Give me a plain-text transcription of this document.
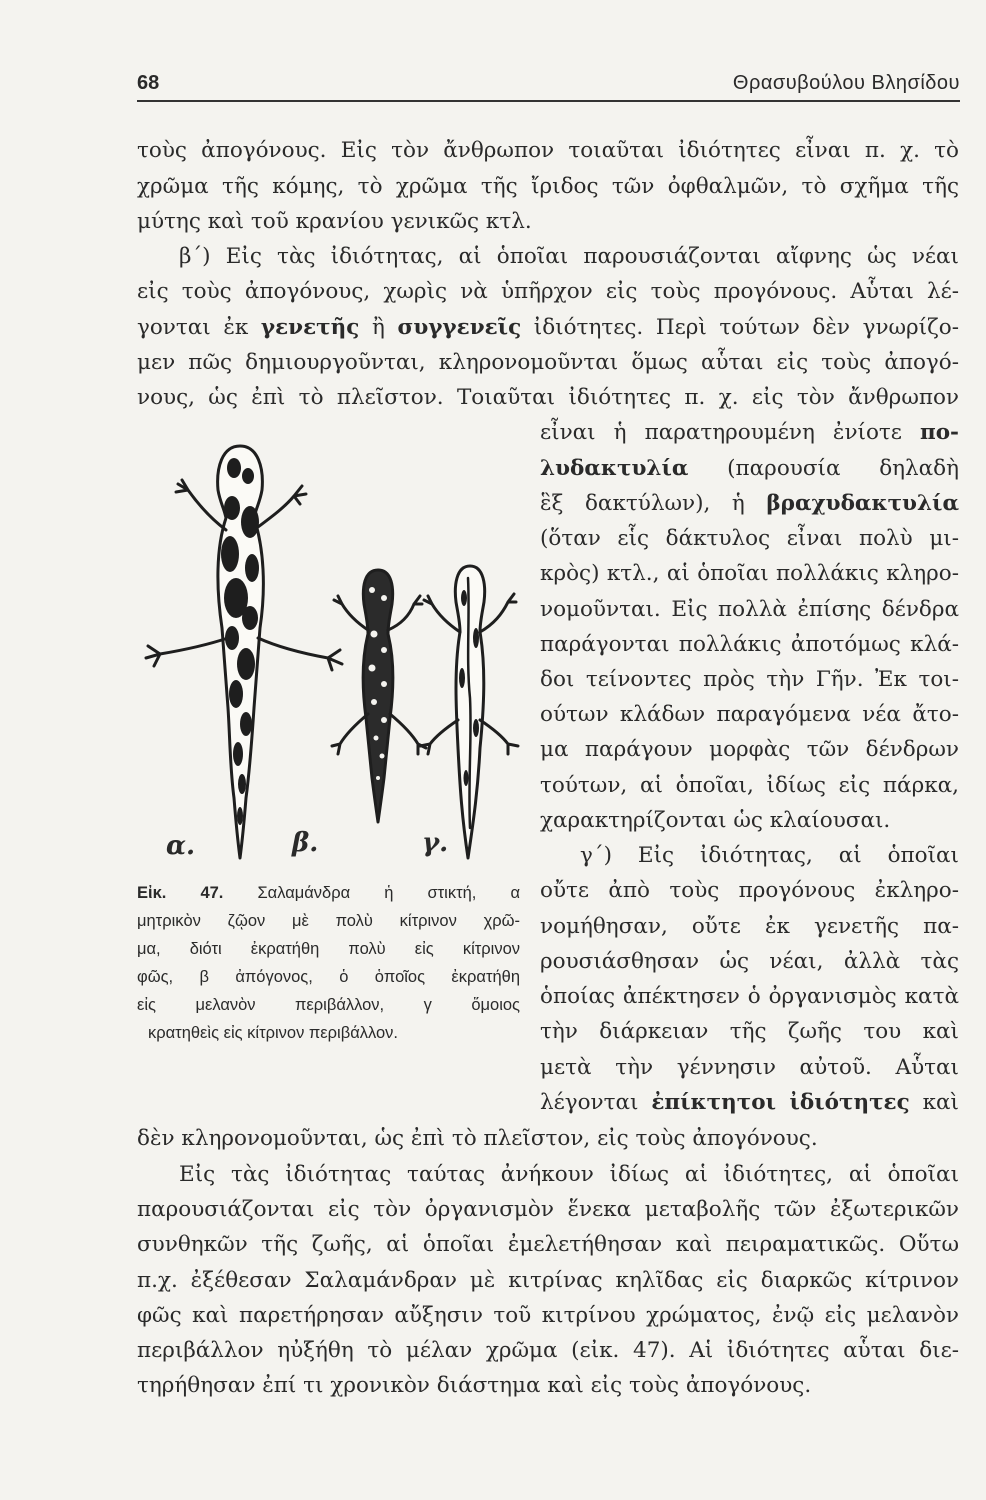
68	Θρασυβούλου Βλησίδου
τοὺς ἀπογόνους. Εἰς τὸν ἄνθρωπον τοιαῦται ἰδιότητες εἶναι π. χ. τὸ
χρῶμα τῆς κόμης, τὸ χρῶμα τῆς ἴριδος τῶν ὀφθαλμῶν, τὸ σχῆμα τῆς
μύτης καὶ τοῦ κρανίου γενικῶς κτλ.
β΄) Εἰς τὰς ἰδιότητας, αἱ ὁποῖαι παρουσιάζονται αἴφνης ὡς νέαι
εἰς τοὺς ἀπογόνους, χωρὶς νὰ ὑπῆρχον εἰς τοὺς προγόνους. Αὗται λέ-
γονται ἐκ γενετῆς ἢ συγγενεῖς ἰδιότητες. Περὶ τούτων δὲν γνωρίζο-
μεν πῶς δημιουργοῦνται, κληρονομοῦνται ὅμως αὗται εἰς τοὺς ἀπογό-
νους, ὡς ἐπὶ τὸ πλεῖστον. Τοιαῦται ἰδιότητες π. χ. εἰς τὸν ἄνθρωπον
εἶναι ἡ παρατηρουμένη ἐνίοτε πο-
λυδακτυλία (παρουσία δηλαδὴ
ἓξ δακτύλων), ἡ βραχυδακτυλία
(ὅταν εἷς δάκτυλος εἶναι πολὺ μι-
κρὸς) κτλ., αἱ ὁποῖαι πολλάκις κληρο-
νομοῦνται. Εἰς πολλὰ ἐπίσης δένδρα
παράγονται πολλάκις ἀποτόμως κλά-
δοι τείνοντες πρὸς τὴν Γῆν. Ἐκ τοι-
ούτων κλάδων παραγόμενα νέα ἄτο-
μα παράγουν μορφὰς τῶν δένδρων
τούτων, αἱ ὁποῖαι, ἰδίως εἰς πάρκα,
χαρακτηρίζονται ὡς κλαίουσαι.
γ΄) Εἰς ἰδιότητας, αἱ ὁποῖαι
οὔτε ἀπὸ τοὺς προγόνους ἐκληρο-
νομήθησαν, οὔτε ἐκ γενετῆς πα-
ρουσιάσθησαν ὡς νέαι, ἀλλὰ τὰς
ὁποίας ἀπέκτησεν ὁ ὀργανισμὸς κατὰ
τὴν διάρκειαν τῆς ζωῆς του καὶ
μετὰ τὴν γέννησιν αὐτοῦ. Αὗται
λέγονται ἐπίκτητοι ἰδιότητες καὶ
α.	β.	γ.
Εἰκ. 47. Σαλαμάνδρα ἡ στικτή, α
μητρικὸν ζῷον μὲ πολὺ κίτρινον χρῶ-
μα, διότι ἐκρατήθη πολὺ εἰς κίτρινον
φῶς, β ἀπόγονος, ὁ ὁποῖος ἐκρατήθη
εἰς μελανὸν περιβάλλον, γ ὅμοιος
κρατηθεὶς εἰς κίτρινον περιβάλλον.
δὲν κληρονομοῦνται, ὡς ἐπὶ τὸ πλεῖστον, εἰς τοὺς ἀπογόνους.
Εἰς τὰς ἰδιότητας ταύτας ἀνήκουν ἰδίως αἱ ἰδιότητες, αἱ ὁποῖαι
παρουσιάζονται εἰς τὸν ὀργανισμὸν ἕνεκα μεταβολῆς τῶν ἐξωτερικῶν
συνθηκῶν τῆς ζωῆς, αἱ ὁποῖαι ἐμελετήθησαν καὶ πειραματικῶς. Οὕτω
π.χ. ἐξέθεσαν Σαλαμάνδραν μὲ κιτρίνας κηλῖδας εἰς διαρκῶς κίτρινον
φῶς καὶ παρετήρησαν αὔξησιν τοῦ κιτρίνου χρώματος, ἐνῷ εἰς μελανὸν
περιβάλλον ηὐξήθη τὸ μέλαν χρῶμα (εἰκ. 47). Αἱ ἰδιότητες αὗται διε-
τηρήθησαν ἐπί τι χρονικὸν διάστημα καὶ εἰς τοὺς ἀπογόνους.
